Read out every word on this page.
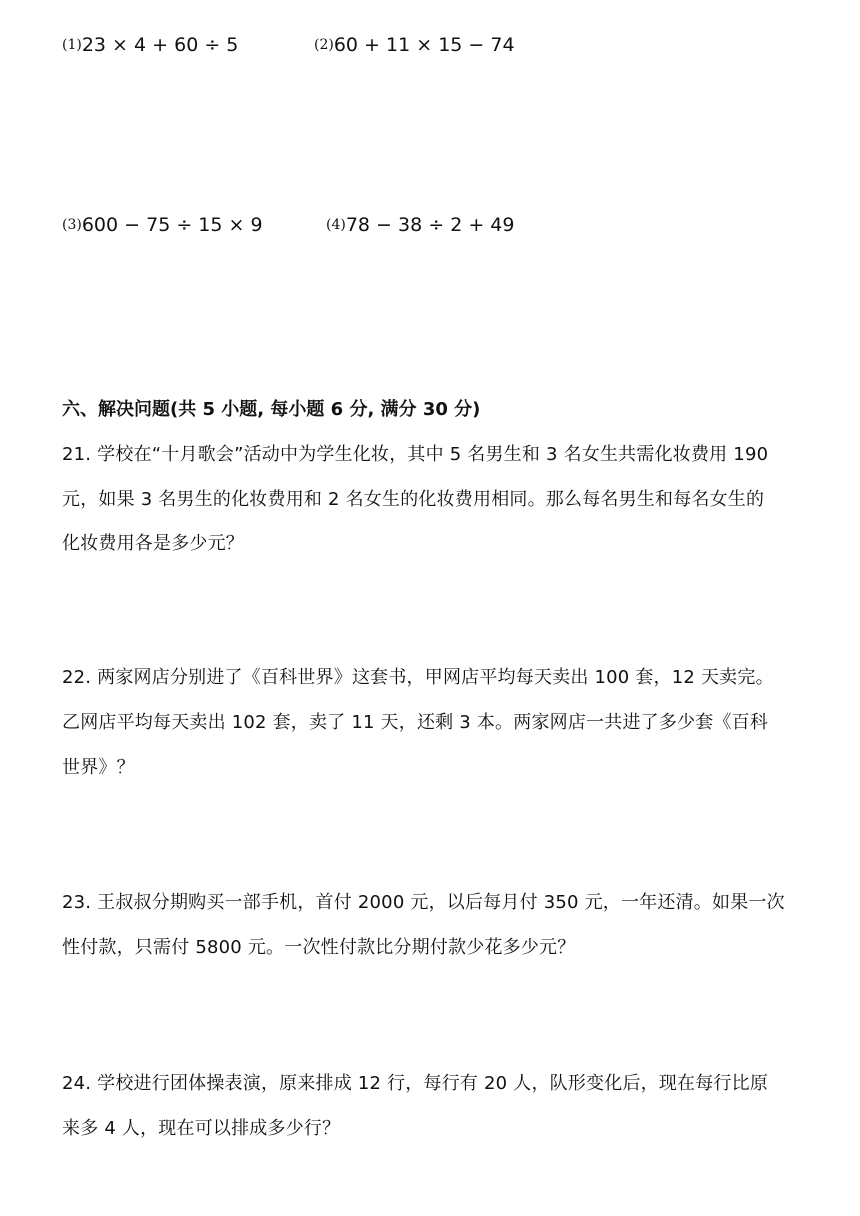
(1)23 × 4 + 60 ÷ 5	(2)60 + 11 × 15 − 74
(3)600 − 75 ÷ 15 × 9	(4)78 − 38 ÷ 2 + 49
六、解决问题(共 5 小题, 每小题 6 分, 满分 30 分)
21. 学校在“十月歌会”活动中为学生化妆，其中 5 名男生和 3 名女生共需化妆费用 190
元，如果 3 名男生的化妆费用和 2 名女生的化妆费用相同。那么每名男生和每名女生的
化妆费用各是多少元？
22. 两家网店分别进了《百科世界》这套书，甲网店平均每天卖出 100 套，12 天卖完。
乙网店平均每天卖出 102 套，卖了 11 天，还剩 3 本。两家网店一共进了多少套《百科
世界》？
23. 王叔叔分期购买一部手机，首付 2000 元，以后每月付 350 元，一年还清。如果一次
性付款，只需付 5800 元。一次性付款比分期付款少花多少元？
24. 学校进行团体操表演，原来排成 12 行，每行有 20 人，队形变化后，现在每行比原
来多 4 人，现在可以排成多少行？
